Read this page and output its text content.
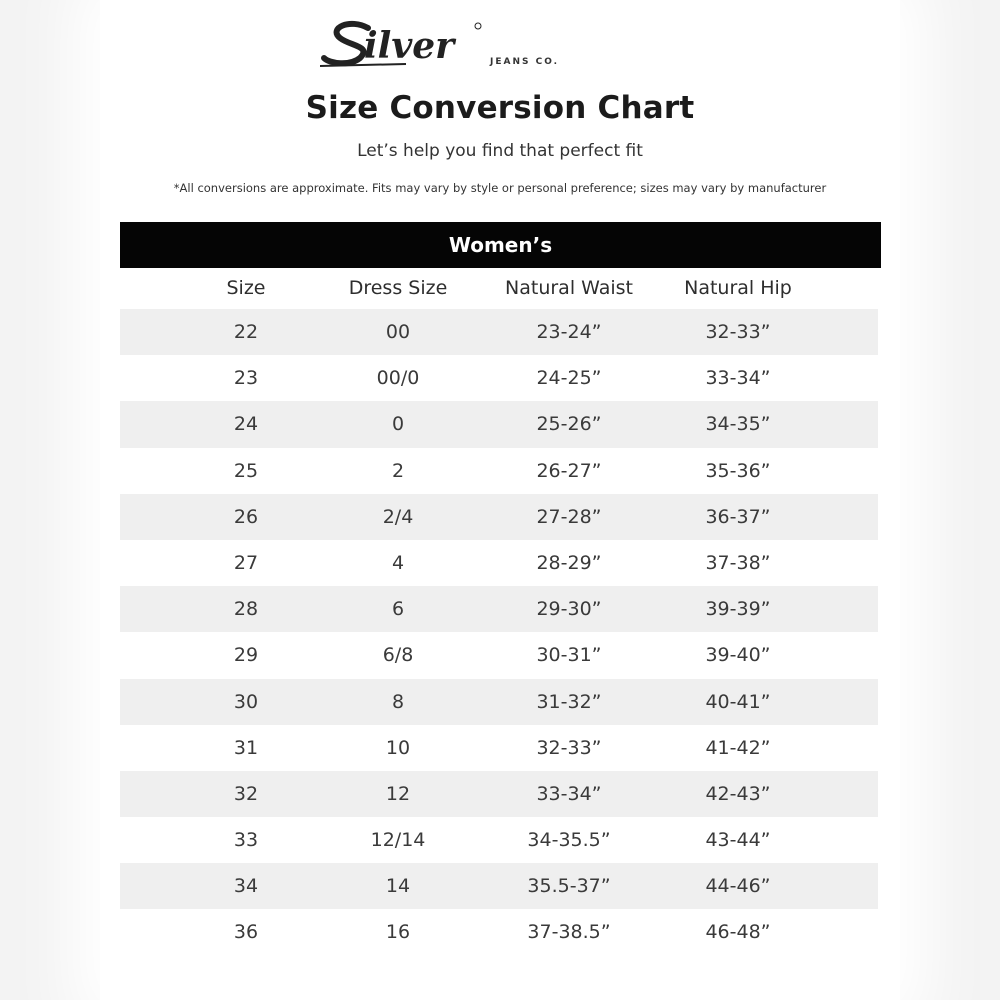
ilver	JEANS CO.
Size Conversion Chart
Let’s help you find that perfect fit
*All conversions are approximate. Fits may vary by style or personal preference; sizes may vary by manufacturer
Women’s
Size	Dress Size	Natural Waist	Natural Hip
22	00	23-24”	32-33”
23	00/0	24-25”	33-34”
24	0	25-26”	34-35”
25	2	26-27”	35-36”
26	2/4	27-28”	36-37”
27	4	28-29”	37-38”
28	6	29-30”	39-39”
29	6/8	30-31”	39-40”
30	8	31-32”	40-41”
31	10	32-33”	41-42”
32	12	33-34”	42-43”
33	12/14	34-35.5”	43-44”
34	14	35.5-37”	44-46”
36	16	37-38.5”	46-48”
